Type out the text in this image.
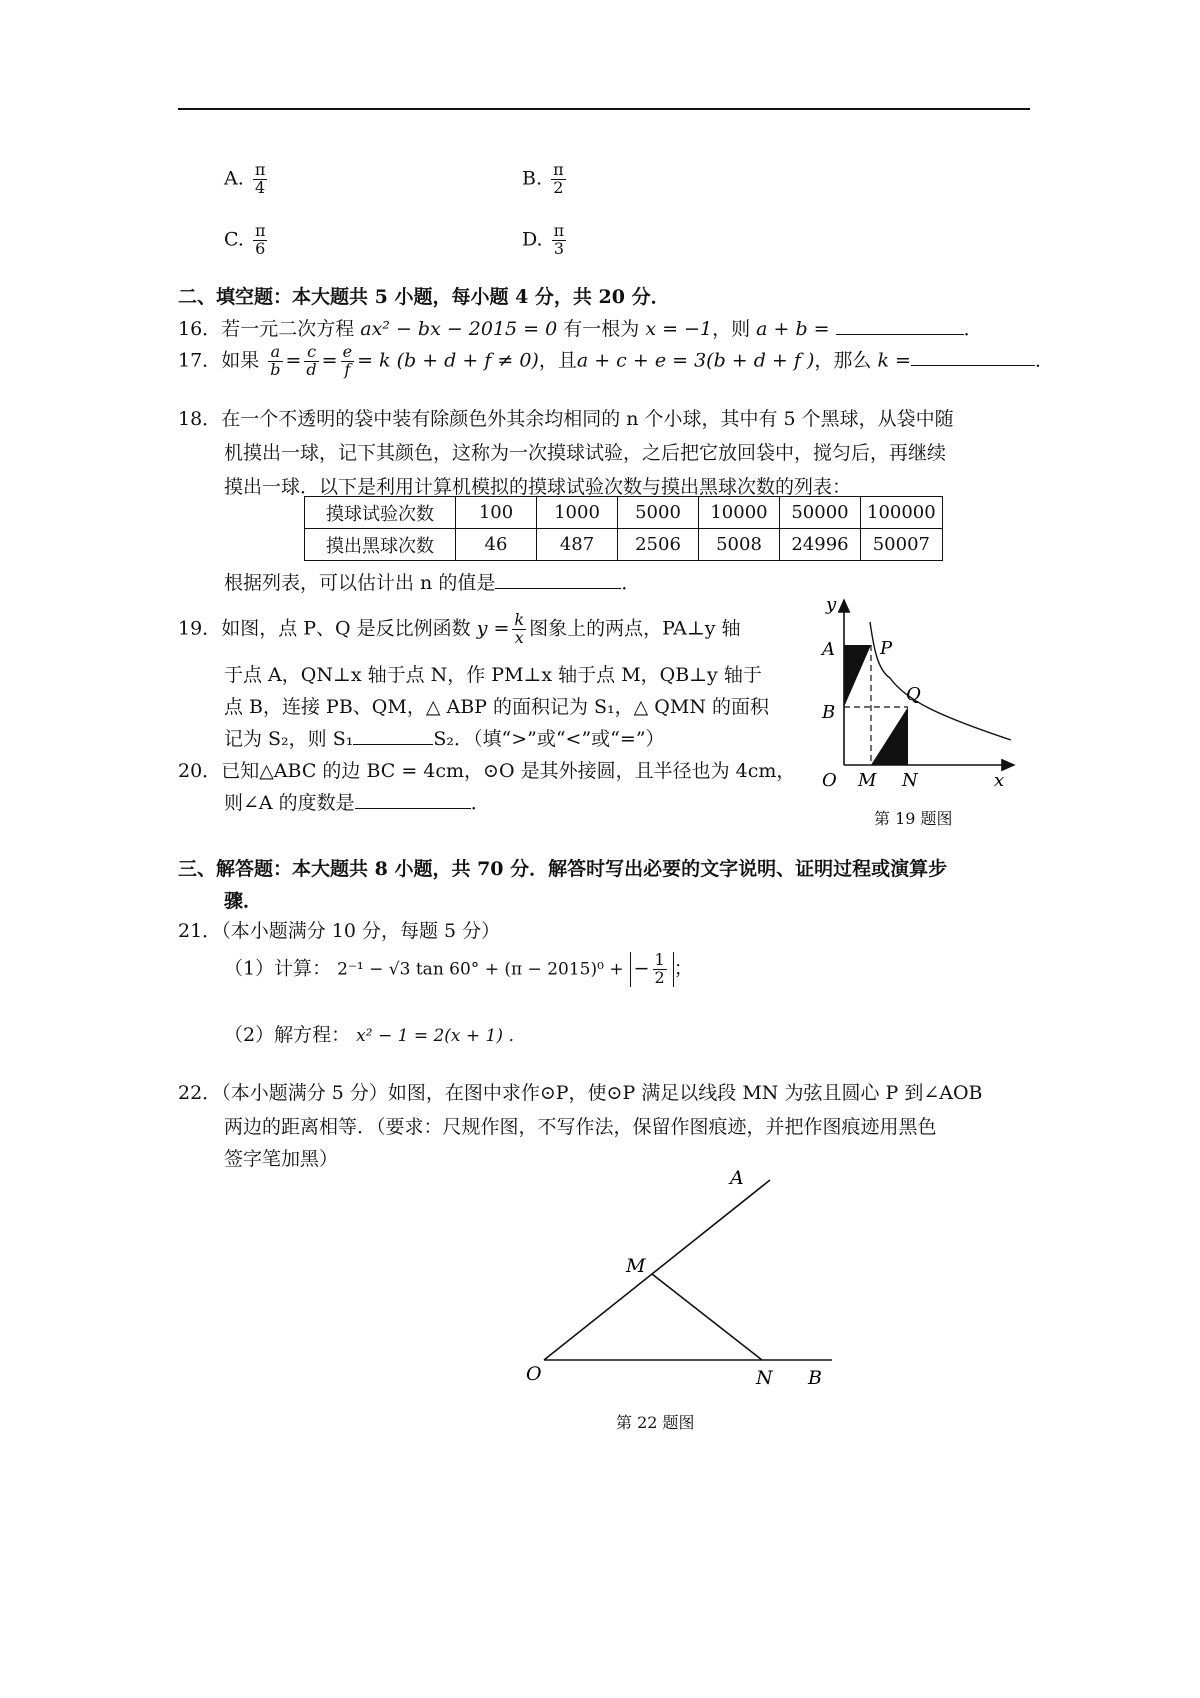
A. $\frac{\pi}{4}$	B. $\frac{\pi}{2}$
C. $\frac{\pi}{6}$	D. $\frac{\pi}{3}$
二、填空题：本大题共 5 小题，每小题 4 分，共 20 分．
16．若一元二次方程 ax² − bx − 2015 = 0 有一根为 x = −1，则 a + b =	．
17．如果 $\frac{a}{b} = \frac{c}{d} = \frac{e}{f} = k$ (b + d + f ≠ 0)，且a + c + e = 3(b + d + f )，那么 k =	．
18．在一个不透明的袋中装有除颜色外其余均相同的 n 个小球，其中有 5 个黑球，从袋中随
机摸出一球，记下其颜色，这称为一次摸球试验，之后把它放回袋中，搅匀后，再继续
摸出一球．以下是利用计算机模拟的摸球试验次数与摸出黑球次数的列表：
摸球试验次数	100	1000	5000	10000	50000	100000
摸出黑球次数	46	487	2506	5008	24996	50007
根据列表，可以估计出 n 的值是	．
19．如图，点 P、Q 是反比例函数 $y = \frac{k}{x}$ 图象上的两点，PA⊥y 轴
于点 A，QN⊥x 轴于点 N，作 PM⊥x 轴于点 M，QB⊥y 轴于
点 B，连接 PB、QM，△ ABP 的面积记为 S₁，△ QMN 的面积
记为 S₂，则 S₁	S₂．（填“>”或“<”或“=”）
20．已知△ABC 的边 BC = 4cm，⊙O 是其外接圆，且半径也为 4cm，
则∠A 的度数是	．
y
A	P
B
Q
O M N	x
第 19 题图
三、解答题：本大题共 8 小题，共 70 分．解答时写出必要的文字说明、证明过程或演算步
骤．
21．（本小题满分 10 分，每题 5 分）
（1）计算： 2⁻¹ − √3 tan 60° + (π − 2015)⁰ + − $\frac{1}{2}$ ；
（2）解方程： x² − 1 = 2(x + 1) ．
22．（本小题满分 5 分）如图，在图中求作⊙P，使⊙P 满足以线段 MN 为弦且圆心 P 到∠AOB
两边的距离相等．（要求：尺规作图，不写作法，保留作图痕迹，并把作图痕迹用黑色
签字笔加黑）
A
M
O	N B
第 22 题图
